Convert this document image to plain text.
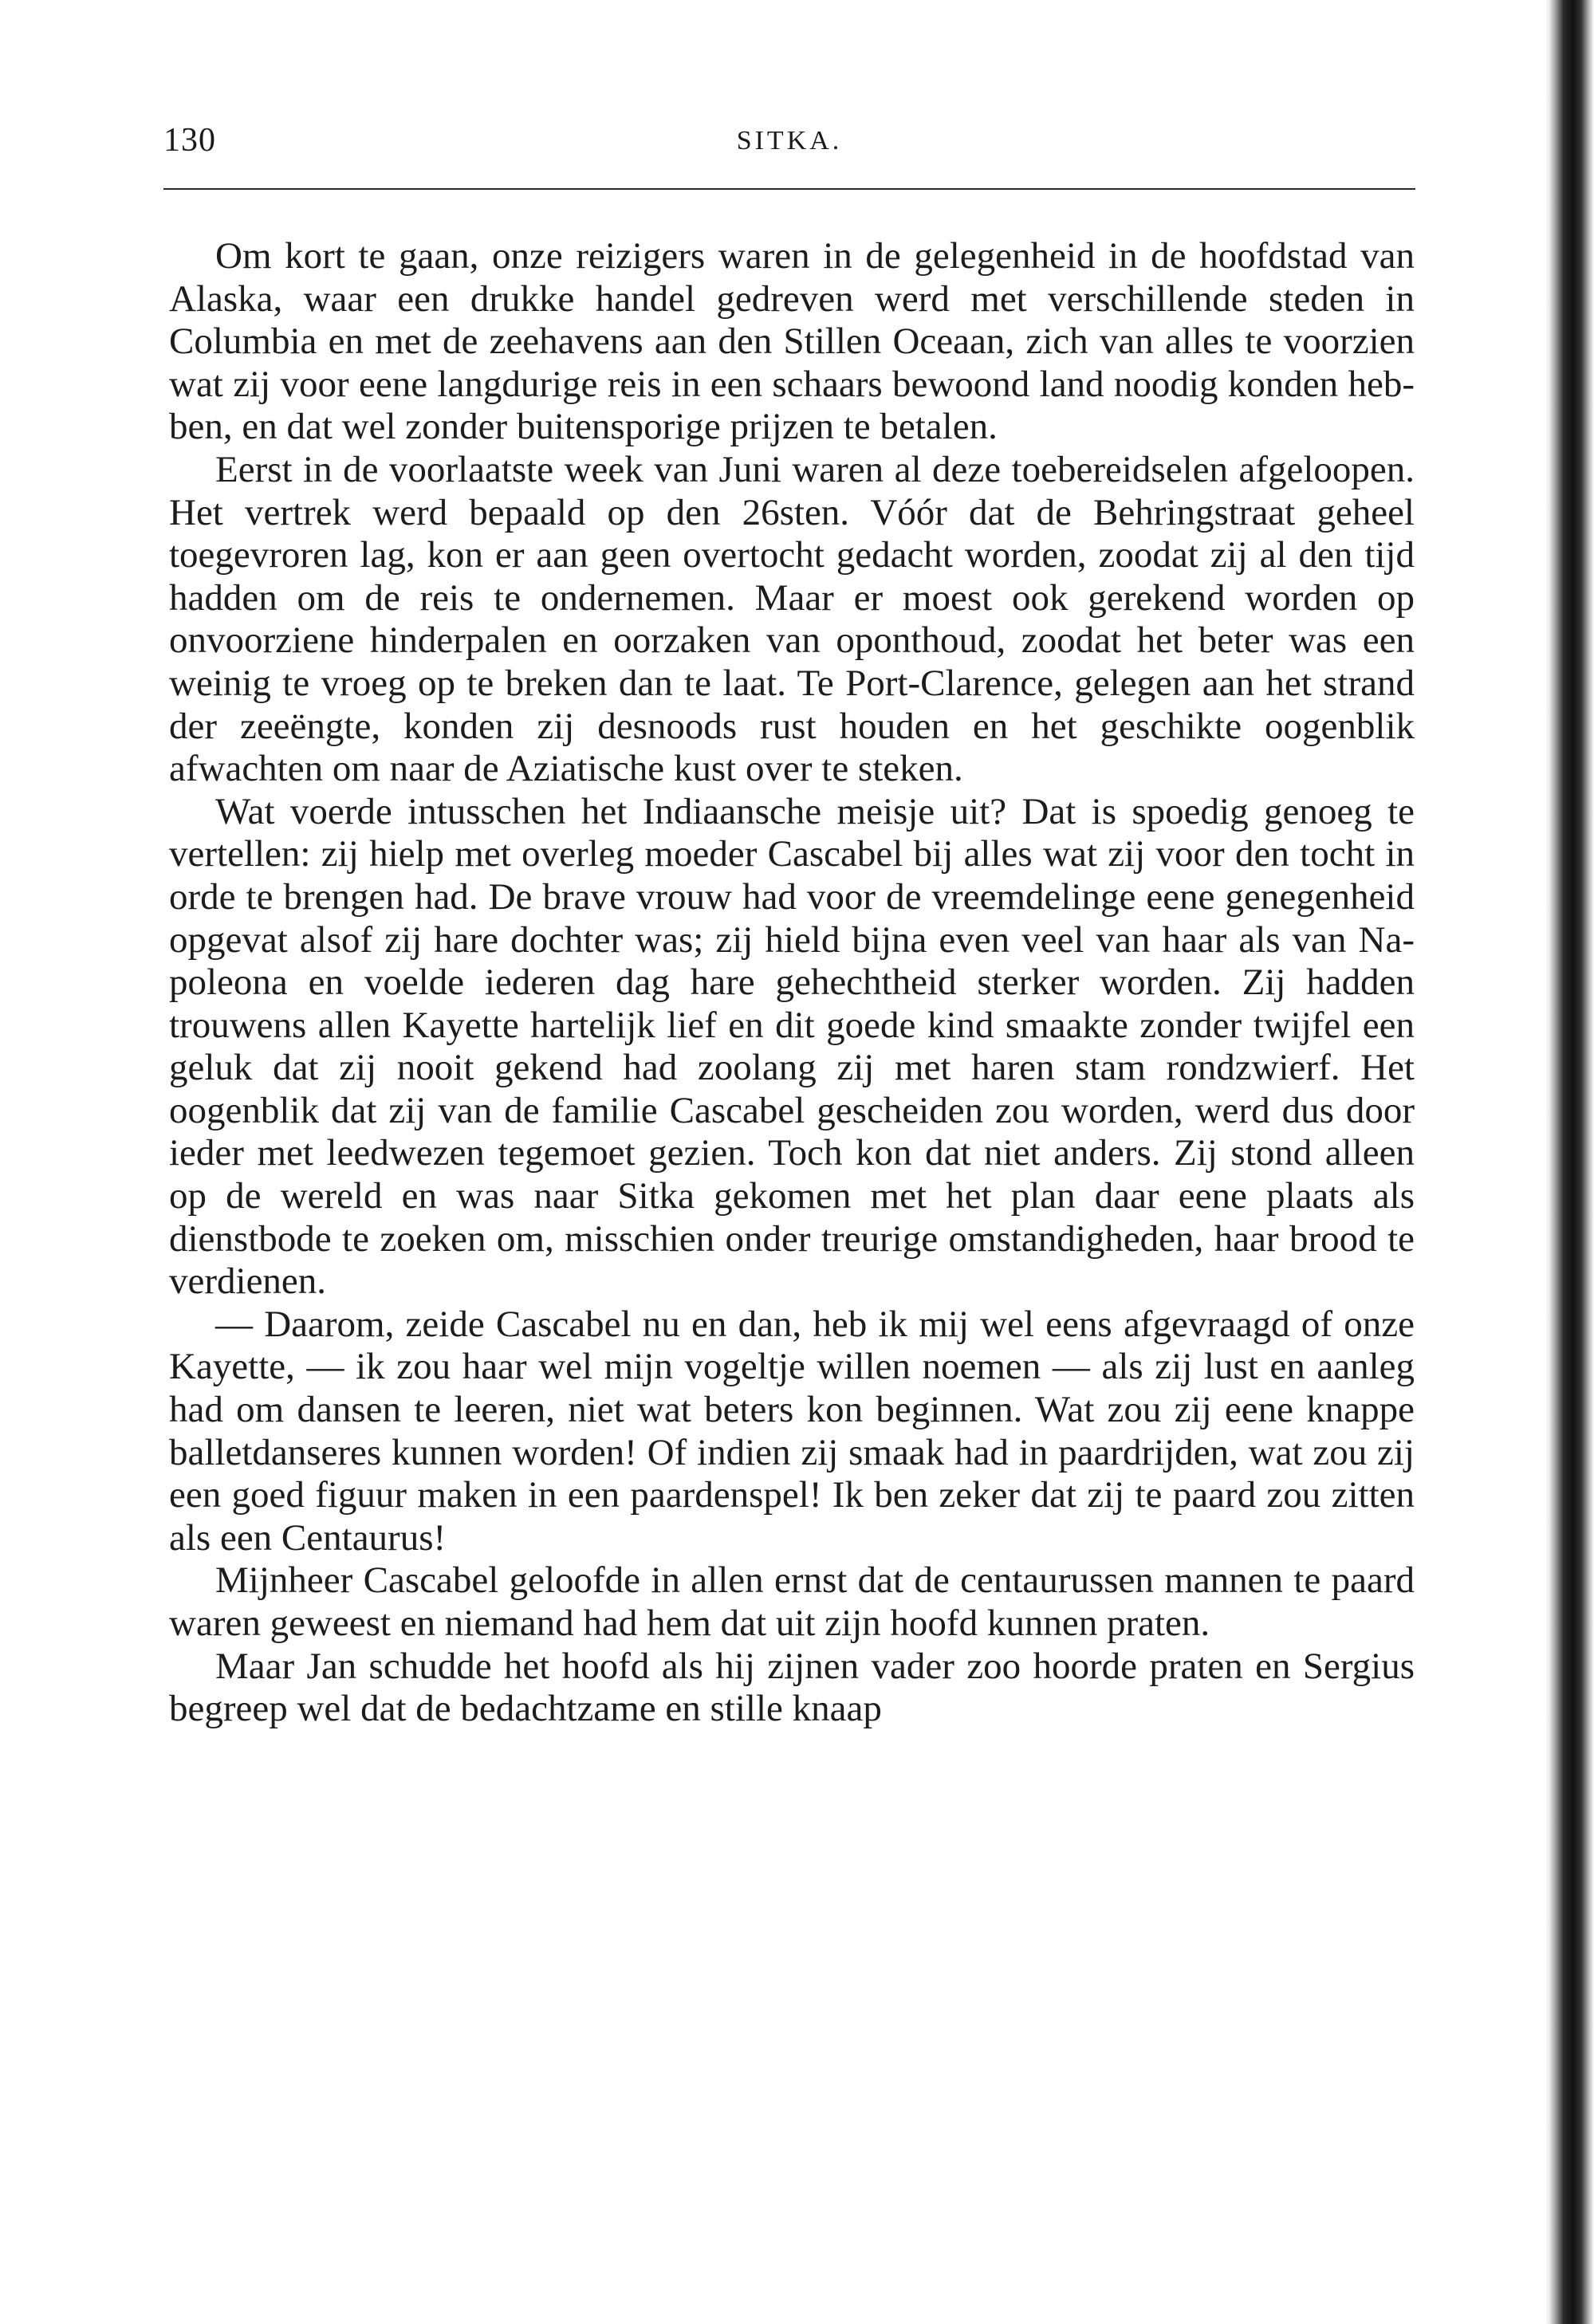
130	SITKA.

Om kort te gaan, onze reizigers waren in de gelegenheid in de hoofdstad van Alaska, waar een drukke handel gedreven werd met verschillende steden in Columbia en met de zeehavens aan den Stillen Oceaan, zich van alles te voorzien wat zij voor eene langdurige reis in een schaars bewoond land noodig konden hebben, en dat wel zonder buitensporige prijzen te betalen.

Eerst in de voorlaatste week van Juni waren al deze toebereidselen afgeloopen. Het vertrek werd bepaald op den 26sten. Vóór dat de Behringstraat geheel toegevroren lag, kon er aan geen overtocht gedacht worden, zoodat zij al den tijd hadden om de reis te ondernemen. Maar er moest ook gerekend worden op onvoorziene hinderpalen en oorzaken van oponthoud, zoodat het beter was een weinig te vroeg op te breken dan te laat. Te Port-Clarence, gelegen aan het strand der zeeëngte, konden zij desnoods rust houden en het geschikte oogenblik afwachten om naar de Aziatische kust over te steken.

Wat voerde intusschen het Indiaansche meisje uit? Dat is spoedig genoeg te vertellen: zij hielp met overleg moeder Cascabel bij alles wat zij voor den tocht in orde te brengen had. De brave vrouw had voor de vreemdelinge eene genegenheid opgevat alsof zij hare dochter was; zij hield bijna even veel van haar als van Napoleona en voelde iederen dag hare gehechtheid sterker worden. Zij hadden trouwens allen Kayette hartelijk lief en dit goede kind smaakte zonder twijfel een geluk dat zij nooit gekend had zoolang zij met haren stam rondzwierf. Het oogenblik dat zij van de familie Cascabel gescheiden zou worden, werd dus door ieder met leedwezen tegemoet gezien. Toch kon dat niet anders. Zij stond alleen op de wereld en was naar Sitka gekomen met het plan daar eene plaats als dienstbode te zoeken om, misschien onder treurige omstandigheden, haar brood te verdienen.

— Daarom, zeide Cascabel nu en dan, heb ik mij wel eens afgevraagd of onze Kayette, — ik zou haar wel mijn vogeltje willen noemen — als zij lust en aanleg had om dansen te leeren, niet wat beters kon beginnen. Wat zou zij eene knappe balletdanseres kunnen worden! Of indien zij smaak had in paardrijden, wat zou zij een goed figuur maken in een paardenspel! Ik ben zeker dat zij te paard zou zitten als een Centaurus!

Mijnheer Cascabel geloofde in allen ernst dat de centaurussen mannen te paard waren geweest en niemand had hem dat uit zijn hoofd kunnen praten.

Maar Jan schudde het hoofd als hij zijnen vader zoo hoorde praten en Sergius begreep wel dat de bedachtzame en stille knaap
